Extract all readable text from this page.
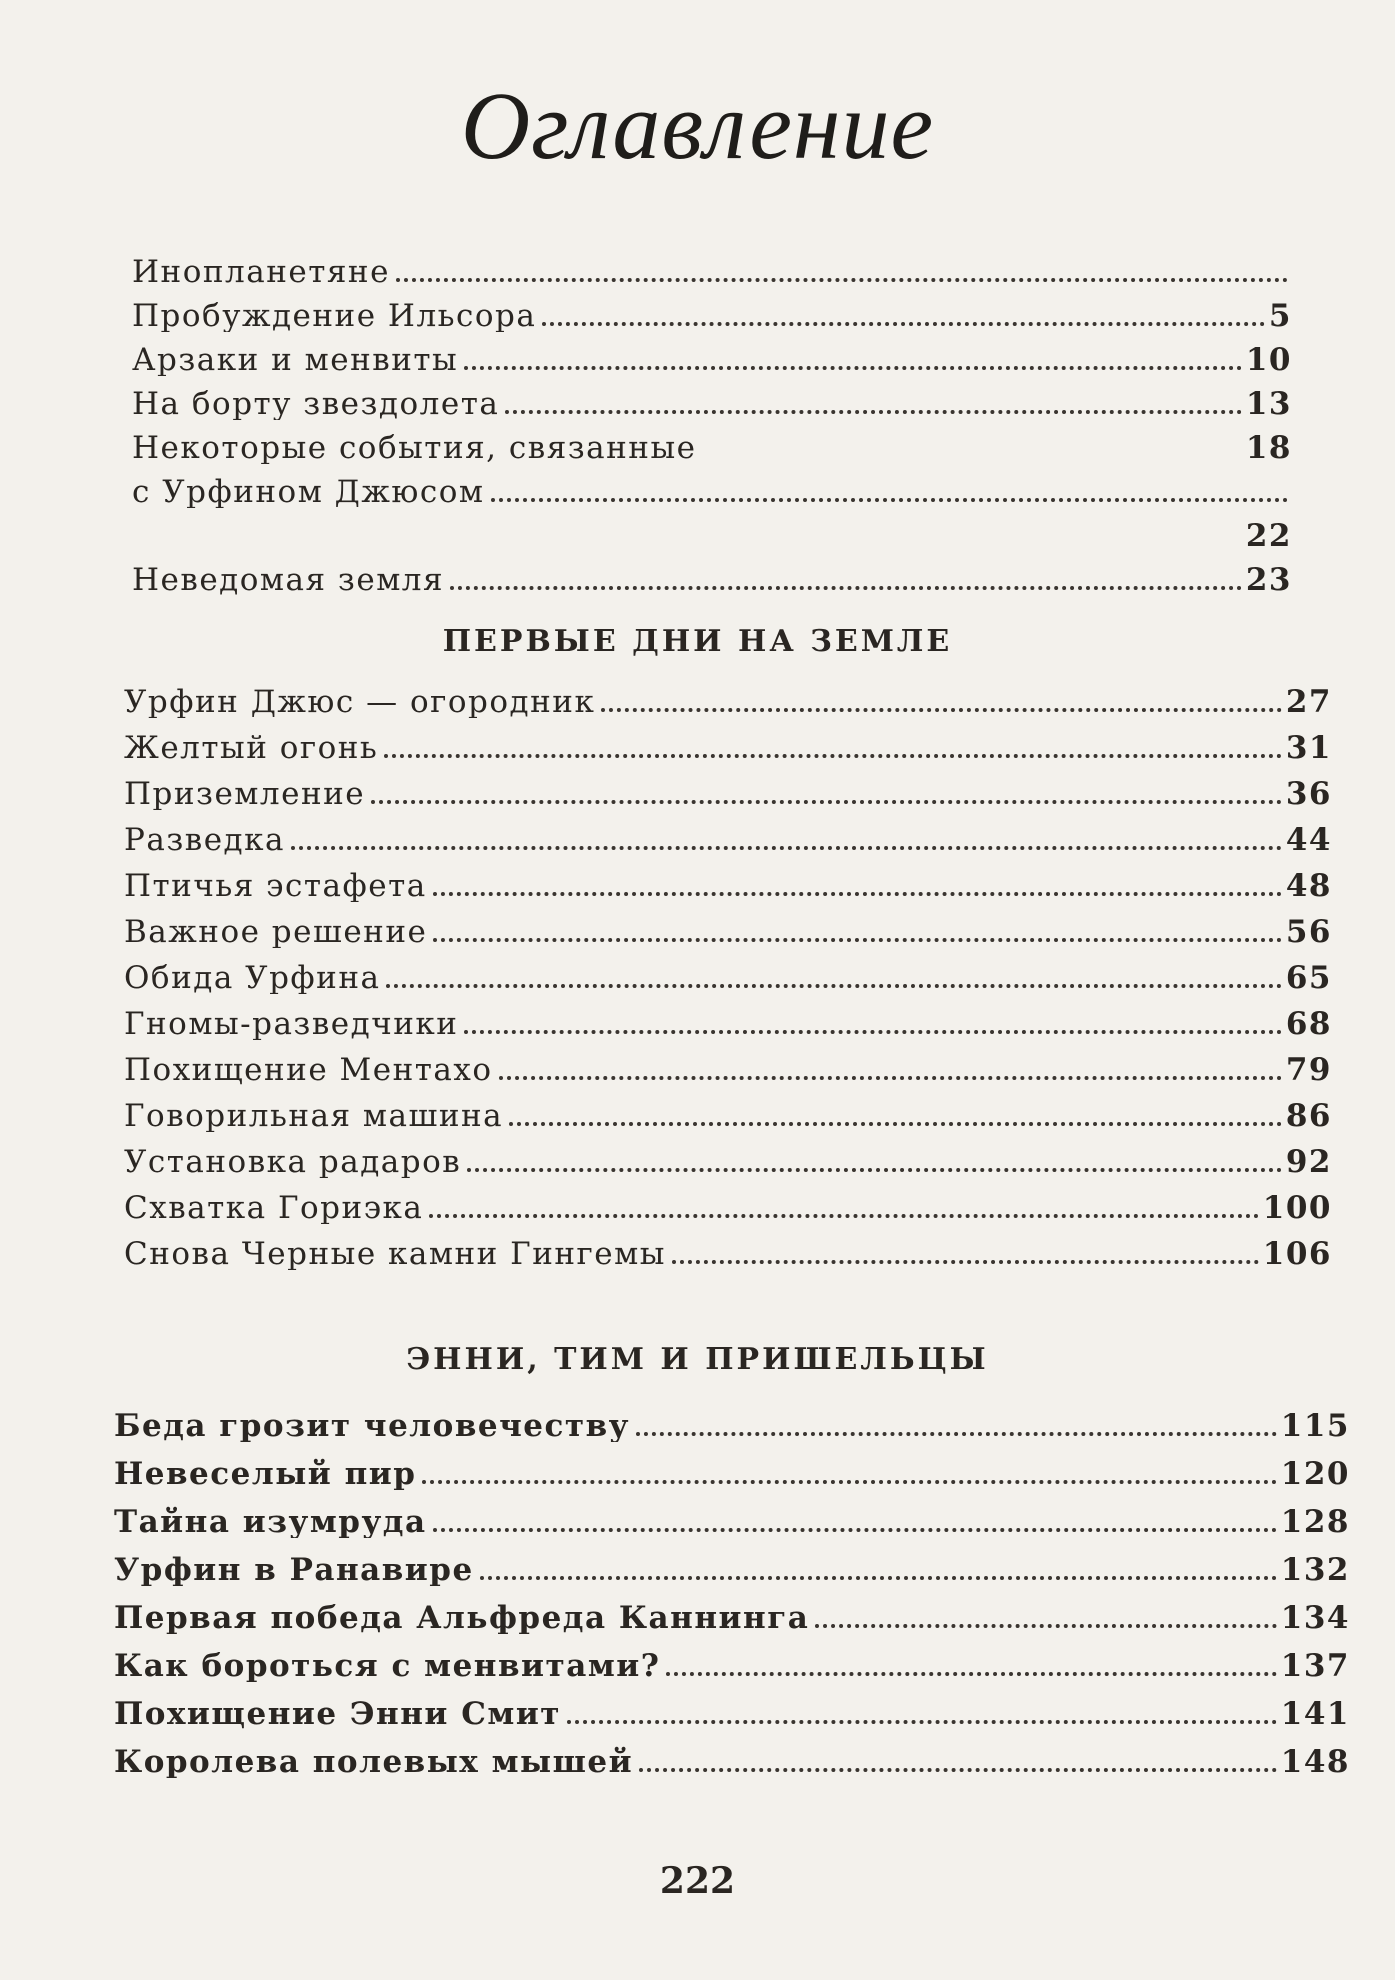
Оглавление
Инопланетяне
Пробуждение Ильсора	5
Арзаки и менвиты	10
На борту звездолета	13
Некоторые события, связанные	18
с Урфином Джюсом
22
Неведомая земля	23
ПЕРВЫЕ ДНИ НА ЗЕМЛЕ
Урфин Джюс — огородник	27
Желтый огонь	31
Приземление	36
Разведка	44
Птичья эстафета	48
Важное решение	56
Обида Урфина	65
Гномы-разведчики	68
Похищение Ментахо	79
Говорильная машина	86
Установка радаров	92
Схватка Гориэка	100
Снова Черные камни Гингемы	106
ЭННИ, ТИМ И ПРИШЕЛЬЦЫ
Беда грозит человечеству	115
Невеселый пир	120
Тайна изумруда	128
Урфин в Ранавире	132
Первая победа Альфреда Каннинга	134
Как бороться с менвитами?	137
Похищение Энни Смит	141
Королева полевых мышей	148
222
